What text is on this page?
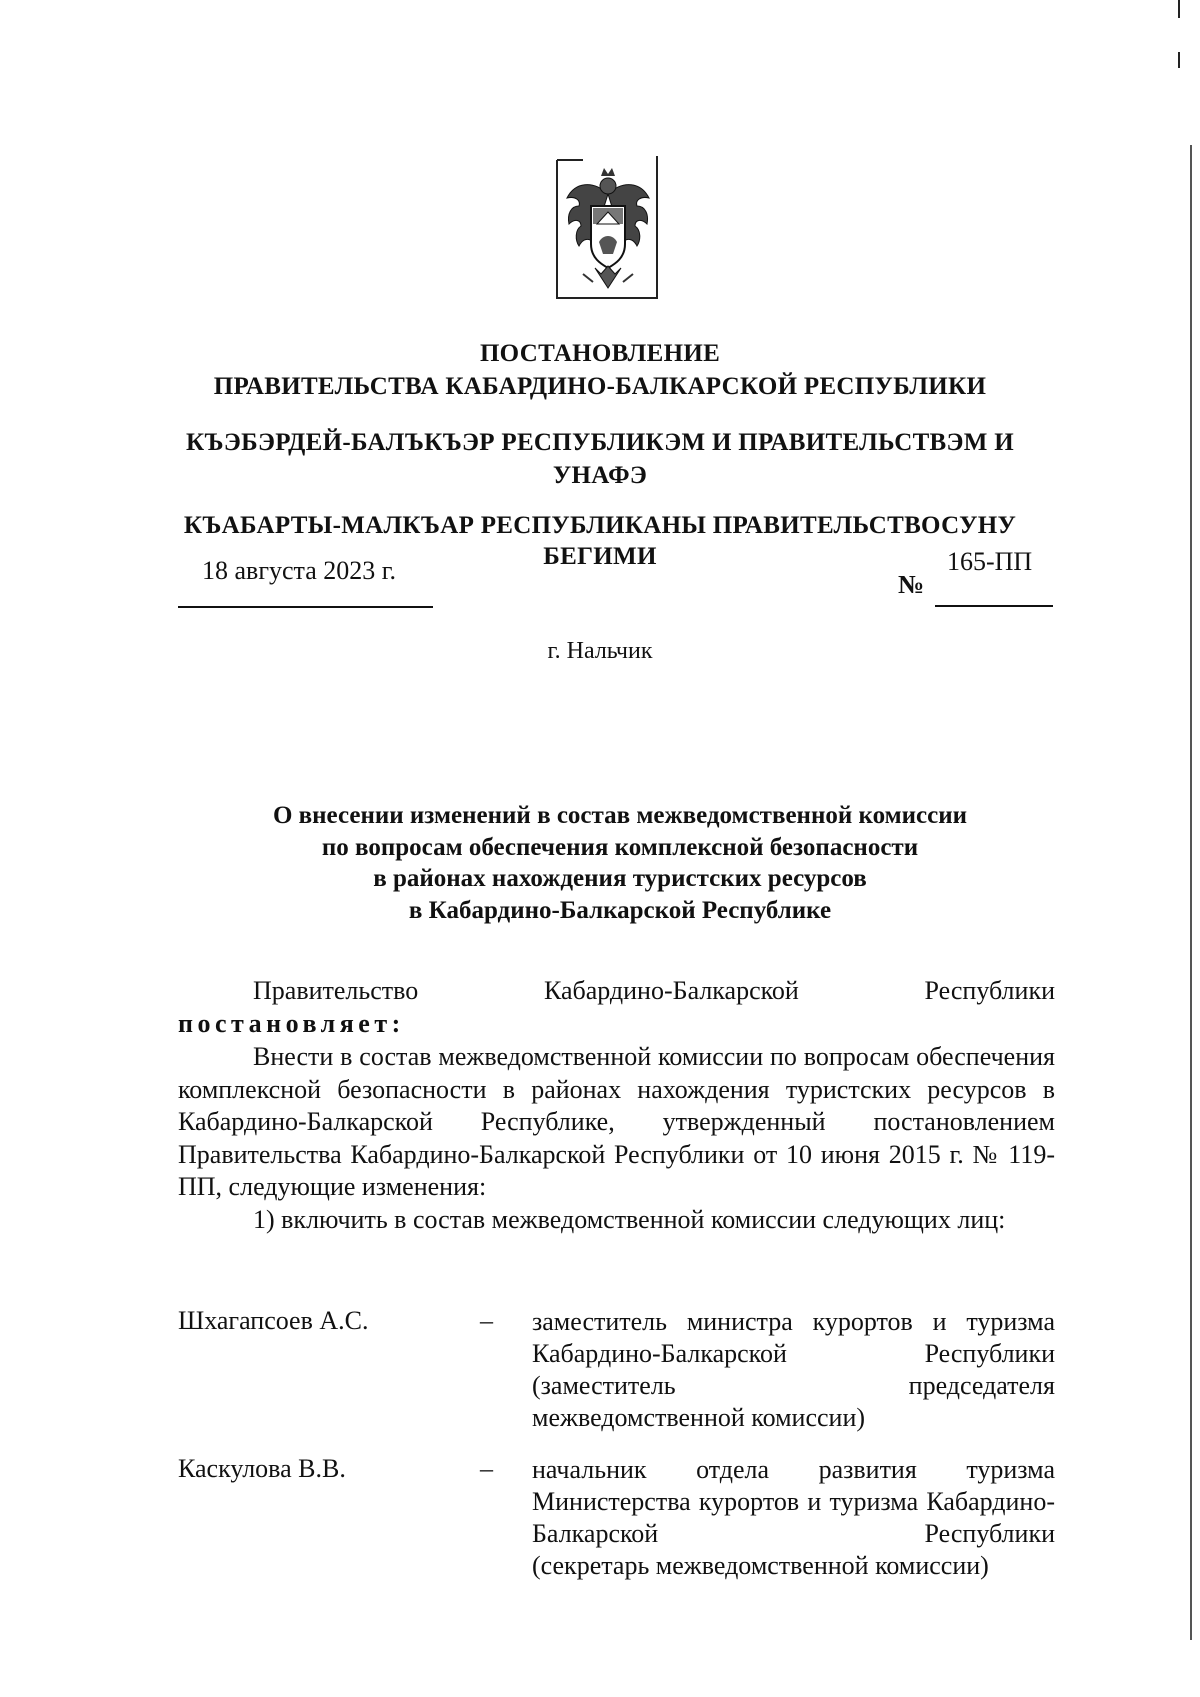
ПОСТАНОВЛЕНИЕ
ПРАВИТЕЛЬСТВА КАБАРДИНО-БАЛКАРСКОЙ РЕСПУБЛИКИ
КЪЭБЭРДЕЙ-БАЛЪКЪЭР РЕСПУБЛИКЭМ И ПРАВИТЕЛЬСТВЭМ И
УНАФЭ
КЪАБАРТЫ-МАЛКЪАР РЕСПУБЛИКАНЫ ПРАВИТЕЛЬСТВОСУНУ
БЕГИМИ
18 августа 2023 г.	№
165-ПП
г. Нальчик
О внесении изменений в состав межведомственной комиссии
по вопросам обеспечения комплексной безопасности
в районах нахождения туристских ресурсов
в Кабардино-Балкарской Республике
Правительство Кабардино-Балкарской Республики
постановляет:
Внести в состав межведомственной комиссии по вопросам обеспечения комплексной безопасности в районах нахождения туристских ресурсов в Кабардино-Балкарской Республике, утвержденный постановлением Правительства Кабардино-Балкарской Республики от 10 июня 2015 г. № 119-ПП, следующие изменения:
1) включить в состав межведомственной комиссии следующих лиц:
Шхагапсоев А.С.	– заместитель министра курортов и туризма Кабардино-Балкарской Республики (заместитель председателя
межведомственной комиссии)
Каскулова В.В.	– начальник отдела развития туризма Министерства курортов и туризма Кабардино-Балкарской Республики
(секретарь межведомственной комиссии)
